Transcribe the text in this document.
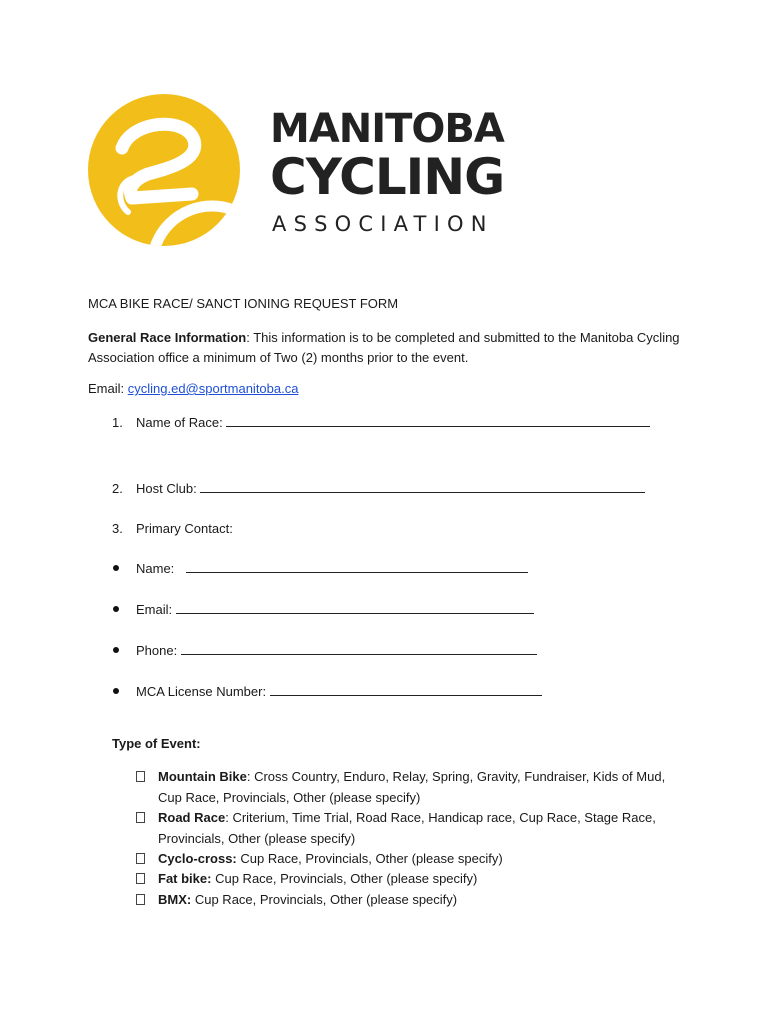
MANITOBA
CYCLING
ASSOCIATION
MCA BIKE RACE/ SANCT IONING REQUEST FORM
General Race Information: This information is to be completed and submitted to the Manitoba Cycling Association office a minimum of Two (2) months prior to the event.
Email: cycling.ed@sportmanitoba.ca
1. Name of Race:
2. Host Club:
3. Primary Contact:
Name:
Email:
Phone:
MCA License Number:
Type of Event:
Mountain Bike: Cross Country, Enduro, Relay, Spring, Gravity, Fundraiser, Kids of Mud, Cup Race, Provincials, Other (please specify)
Road Race: Criterium, Time Trial, Road Race, Handicap race, Cup Race, Stage Race, Provincials, Other (please specify)
Cyclo-cross: Cup Race, Provincials, Other (please specify)
Fat bike: Cup Race, Provincials, Other (please specify)
BMX: Cup Race, Provincials, Other (please specify)
